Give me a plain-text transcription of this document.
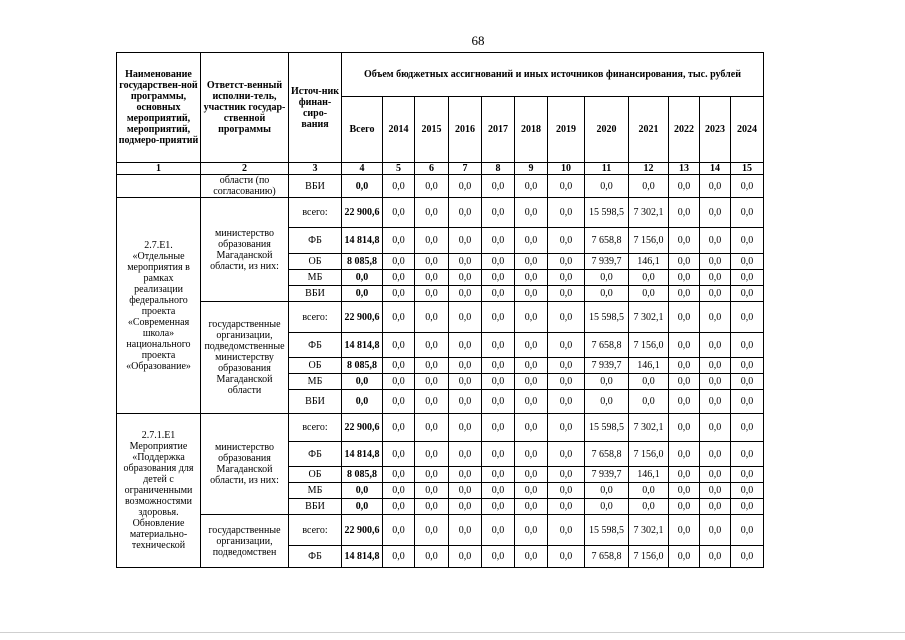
68
Наименование государствен-ной программы, основных мероприятий, мероприятий, подмеро-приятий	Ответст-венный исполни-тель, участник государ-ственной программы	Источ-ник финан-сиро-вания	Объем бюджетных ассигнований и иных источников финансирования, тыс. рублей											
			Всего	2014	2015	2016	2017	2018	2019	2020	2021	2022	2023	2024
1	2	3	4	5	6	7	8	9	10	11	12	13	14	15
	области (по согласованию)	ВБИ	0,0	0,0	0,0	0,0	0,0	0,0	0,0	0,0	0,0	0,0	0,0	0,0
2.7.Е1. «Отдельные мероприятия в рамках реализации федерального проекта «Современная школа» национального проекта «Образование»	министерство образования Магаданской области, из них:	всего:	22 900,6	0,0	0,0	0,0	0,0	0,0	0,0	15 598,5	7 302,1	0,0	0,0	0,0
		ФБ	14 814,8	0,0	0,0	0,0	0,0	0,0	0,0	7 658,8	7 156,0	0,0	0,0	0,0
		ОБ	8 085,8	0,0	0,0	0,0	0,0	0,0	0,0	7 939,7	146,1	0,0	0,0	0,0
		МБ	0,0	0,0	0,0	0,0	0,0	0,0	0,0	0,0	0,0	0,0	0,0	0,0
		ВБИ	0,0	0,0	0,0	0,0	0,0	0,0	0,0	0,0	0,0	0,0	0,0	0,0
	государственные организации, подведомственные министерству образования Магаданской области	всего:	22 900,6	0,0	0,0	0,0	0,0	0,0	0,0	15 598,5	7 302,1	0,0	0,0	0,0
		ФБ	14 814,8	0,0	0,0	0,0	0,0	0,0	0,0	7 658,8	7 156,0	0,0	0,0	0,0
		ОБ	8 085,8	0,0	0,0	0,0	0,0	0,0	0,0	7 939,7	146,1	0,0	0,0	0,0
		МБ	0,0	0,0	0,0	0,0	0,0	0,0	0,0	0,0	0,0	0,0	0,0	0,0
		ВБИ	0,0	0,0	0,0	0,0	0,0	0,0	0,0	0,0	0,0	0,0	0,0	0,0
2.7.1.Е1 Мероприятие «Поддержка образования для детей с ограниченными возможностями здоровья. Обновление материально-технической	министерство образования Магаданской области, из них:	всего:	22 900,6	0,0	0,0	0,0	0,0	0,0	0,0	15 598,5	7 302,1	0,0	0,0	0,0
		ФБ	14 814,8	0,0	0,0	0,0	0,0	0,0	0,0	7 658,8	7 156,0	0,0	0,0	0,0
		ОБ	8 085,8	0,0	0,0	0,0	0,0	0,0	0,0	7 939,7	146,1	0,0	0,0	0,0
		МБ	0,0	0,0	0,0	0,0	0,0	0,0	0,0	0,0	0,0	0,0	0,0	0,0
		ВБИ	0,0	0,0	0,0	0,0	0,0	0,0	0,0	0,0	0,0	0,0	0,0	0,0
	государственные организации, подведомствен	всего:	22 900,6	0,0	0,0	0,0	0,0	0,0	0,0	15 598,5	7 302,1	0,0	0,0	0,0
		ФБ	14 814,8	0,0	0,0	0,0	0,0	0,0	0,0	7 658,8	7 156,0	0,0	0,0	0,0
